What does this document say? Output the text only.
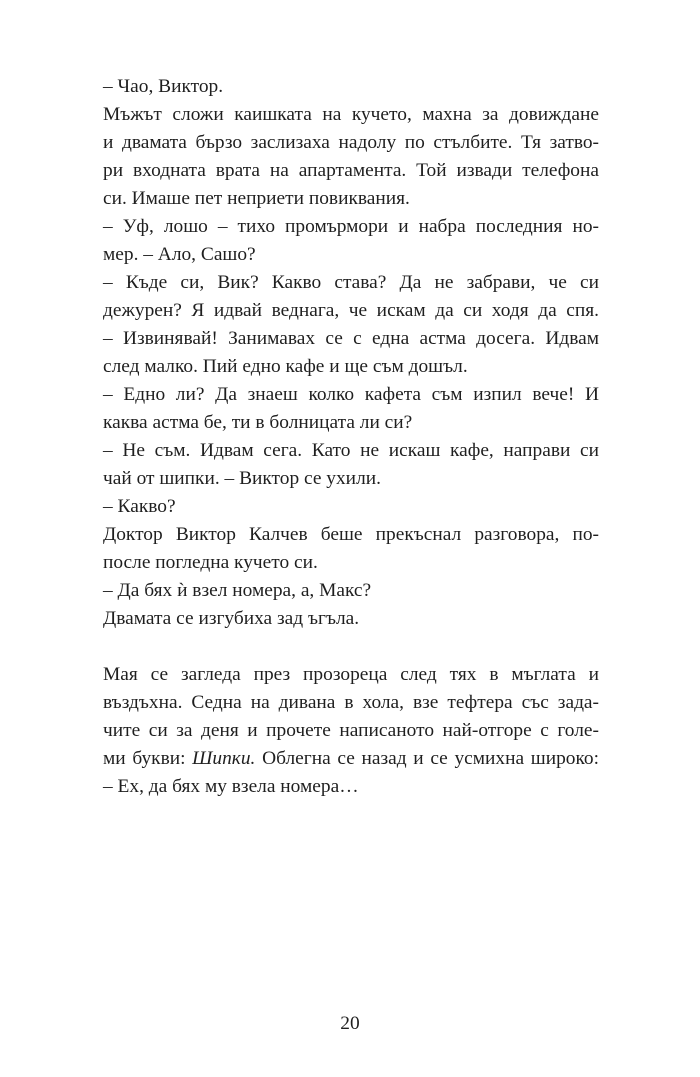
– Чао, Виктор.
Мъжът сложи каишката на кучето, махна за довиждане
и двамата бързо заслизаха надолу по стълбите. Тя затво-
ри входната врата на апартамента. Той извади телефона
си. Имаше пет неприети повиквания.
– Уф, лошо – тихо промърмори и набра последния но-
мер. – Ало, Сашо?
– Къде си, Вик? Какво става? Да не забрави, че си
дежурен? Я идвай веднага, че искам да си ходя да спя.
– Извинявай! Занимавах се с една астма досега. Идвам
след малко. Пий едно кафе и ще съм дошъл.
– Едно ли? Да знаеш колко кафета съм изпил вече! И
каква астма бе, ти в болницата ли си?
– Не съм. Идвам сега. Като не искаш кафе, направи си
чай от шипки. – Виктор се ухили.
– Какво?
Доктор Виктор Калчев беше прекъснал разговора, по-
после погледна кучето си.
– Да бях ѝ взел номера, а, Макс?
Двамата се изгубиха зад ъгъла.
Мая се загледа през прозореца след тях в мъглата и
въздъхна. Седна на дивана в хола, взе тефтера със зада-
чите си за деня и прочете написаното най-отгоре с голе-
ми букви: Шипки. Облегна се назад и се усмихна широко:
– Ех, да бях му взела номера…
20
